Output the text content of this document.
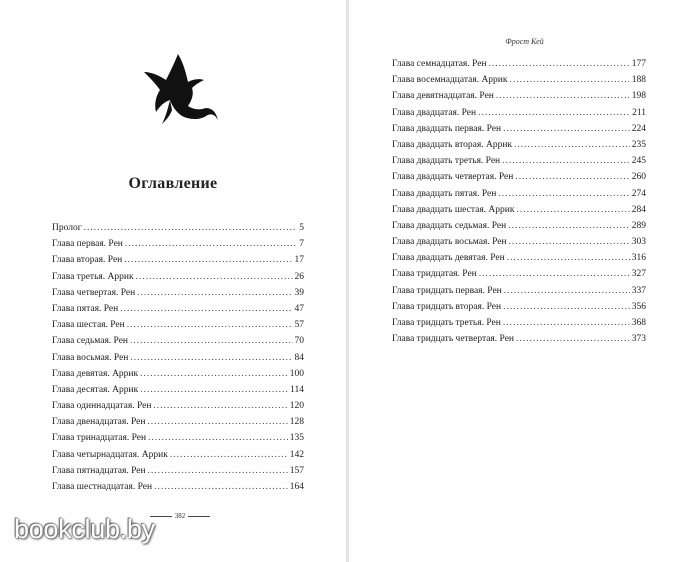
Оглавление
Пролог .....	5
Глава первая. Рен .....	7
Глава вторая. Рен .....	17
Глава третья. Аррик .....	26
Глава четвертая. Рен .....	39
Глава пятая. Рен .....	47
Глава шестая. Рен .....	57
Глава седьмая. Рен .....	70
Глава восьмая. Рен .....	84
Глава девятая. Аррик .....	100
Глава десятая. Аррик .....	114
Глава одиннадцатая. Рен .....	120
Глава двенадцатая. Рен .....	128
Глава тринадцатая. Рен .....	135
Глава четырнадцатая. Аррик .....	142
Глава пятнадцатая. Рен .....	157
Глава шестнадцатая. Рен .....	164
382
Фрост Кей
Глава семнадцатая. Рен .....	177
Глава восемнадцатая. Аррик .....	188
Глава девятнадцатая. Рен .....	198
Глава двадцатая. Рен .....	211
Глава двадцать первая. Рен .....	224
Глава двадцать вторая. Аррик .....	235
Глава двадцать третья. Рен .....	245
Глава двадцать четвертая. Рен .....	260
Глава двадцать пятая. Рен .....	274
Глава двадцать шестая. Аррик .....	284
Глава двадцать седьмая. Рен .....	289
Глава двадцать восьмая. Рен .....	303
Глава двадцать девятая. Рен .....	316
Глава тридцатая. Рен .....	327
Глава тридцать первая. Рен .....	337
Глава тридцать вторая. Рен .....	356
Глава тридцать третья. Рен .....	368
Глава тридцать четвертая. Рен .....	373
bookclub.by
